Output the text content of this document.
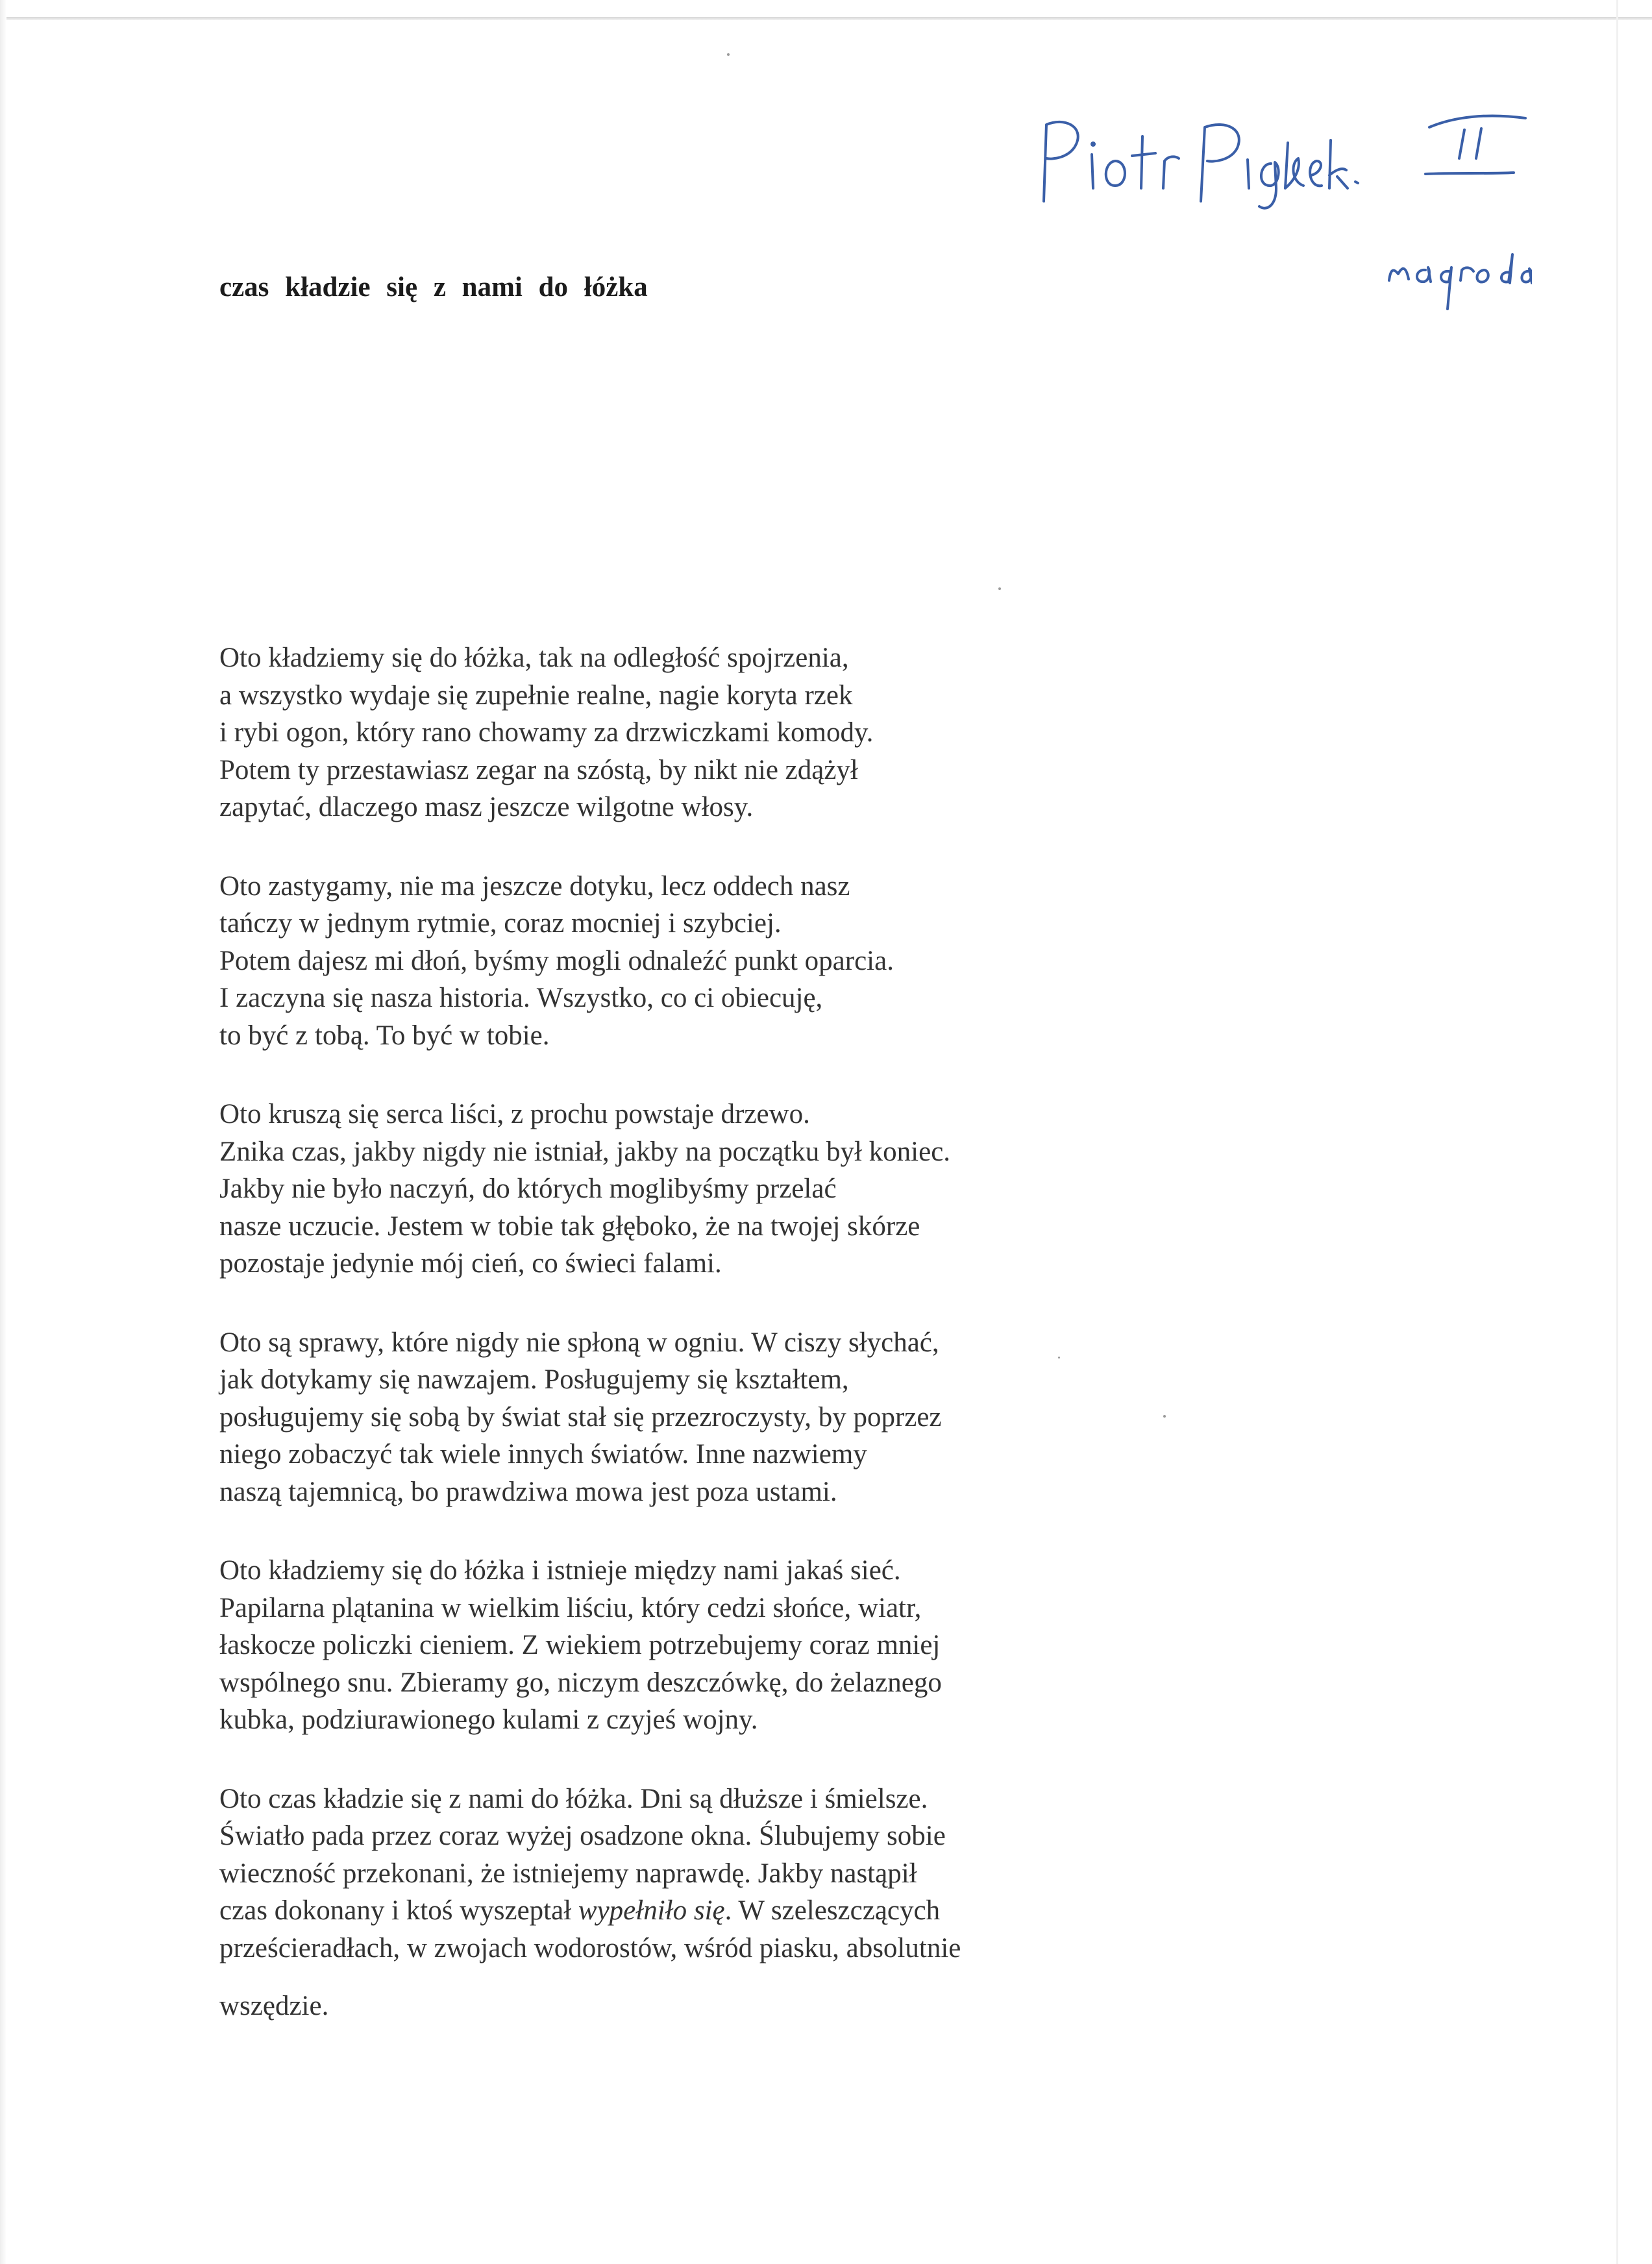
czas kładzie się z nami do łóżka
Oto kładziemy się do łóżka, tak na odległość spojrzenia,
a wszystko wydaje się zupełnie realne, nagie koryta rzek
i rybi ogon, który rano chowamy za drzwiczkami komody.
Potem ty przestawiasz zegar na szóstą, by nikt nie zdążył
zapytać, dlaczego masz jeszcze wilgotne włosy.
Oto zastygamy, nie ma jeszcze dotyku, lecz oddech nasz
tańczy w jednym rytmie, coraz mocniej i szybciej.
Potem dajesz mi dłoń, byśmy mogli odnaleźć punkt oparcia.
I zaczyna się nasza historia. Wszystko, co ci obiecuję,
to być z tobą. To być w tobie.
Oto kruszą się serca liści, z prochu powstaje drzewo.
Znika czas, jakby nigdy nie istniał, jakby na początku był koniec.
Jakby nie było naczyń, do których moglibyśmy przelać
nasze uczucie. Jestem w tobie tak głęboko, że na twojej skórze
pozostaje jedynie mój cień, co świeci falami.
Oto są sprawy, które nigdy nie spłoną w ogniu. W ciszy słychać,
jak dotykamy się nawzajem. Posługujemy się kształtem,
posługujemy się sobą by świat stał się przezroczysty, by poprzez
niego zobaczyć tak wiele innych światów. Inne nazwiemy
naszą tajemnicą, bo prawdziwa mowa jest poza ustami.
Oto kładziemy się do łóżka i istnieje między nami jakaś sieć.
Papilarna plątanina w wielkim liściu, który cedzi słońce, wiatr,
łaskocze policzki cieniem. Z wiekiem potrzebujemy coraz mniej
wspólnego snu. Zbieramy go, niczym deszczówkę, do żelaznego
kubka, podziurawionego kulami z czyjeś wojny.
Oto czas kładzie się z nami do łóżka. Dni są dłuższe i śmielsze.
Światło pada przez coraz wyżej osadzone okna. Ślubujemy sobie
wieczność przekonani, że istniejemy naprawdę. Jakby nastąpił
czas dokonany i ktoś wyszeptał wypełniło się. W szeleszczących
prześcieradłach, w zwojach wodorostów, wśród piasku, absolutnie
wszędzie.
